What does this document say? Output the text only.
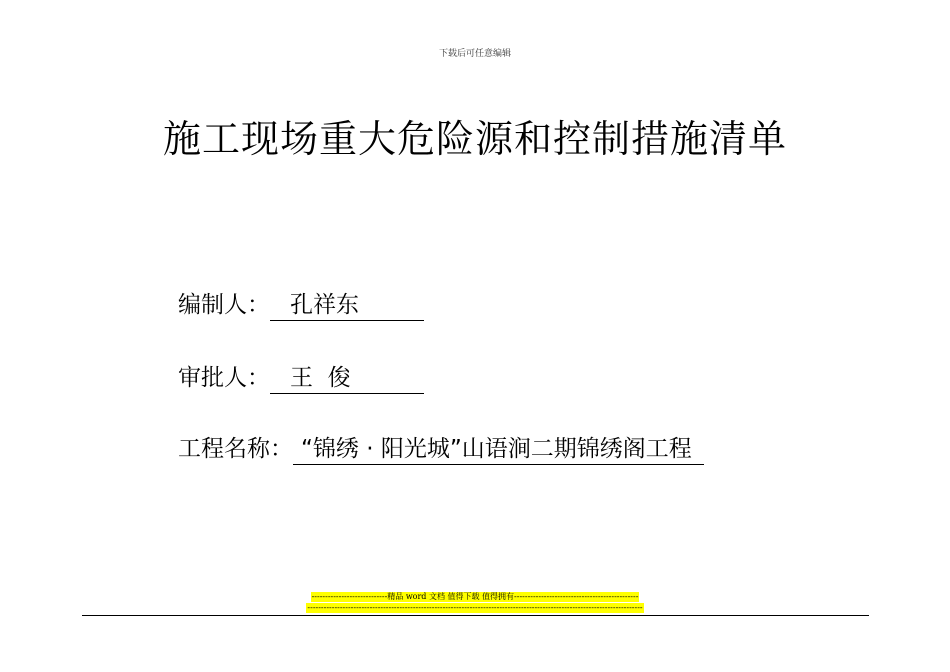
下载后可任意编辑
施工现场重大危险源和控制措施清单
编制人： 孔祥东
审批人： 王  俊
工程名称： “锦绣 · 阳光城”山语涧二期锦绣阁工程
----------------------------精品 word 文档 值得下载 值得拥有----------------------------------------------
----------------------------------------------------------------------------------------------------------------------------
